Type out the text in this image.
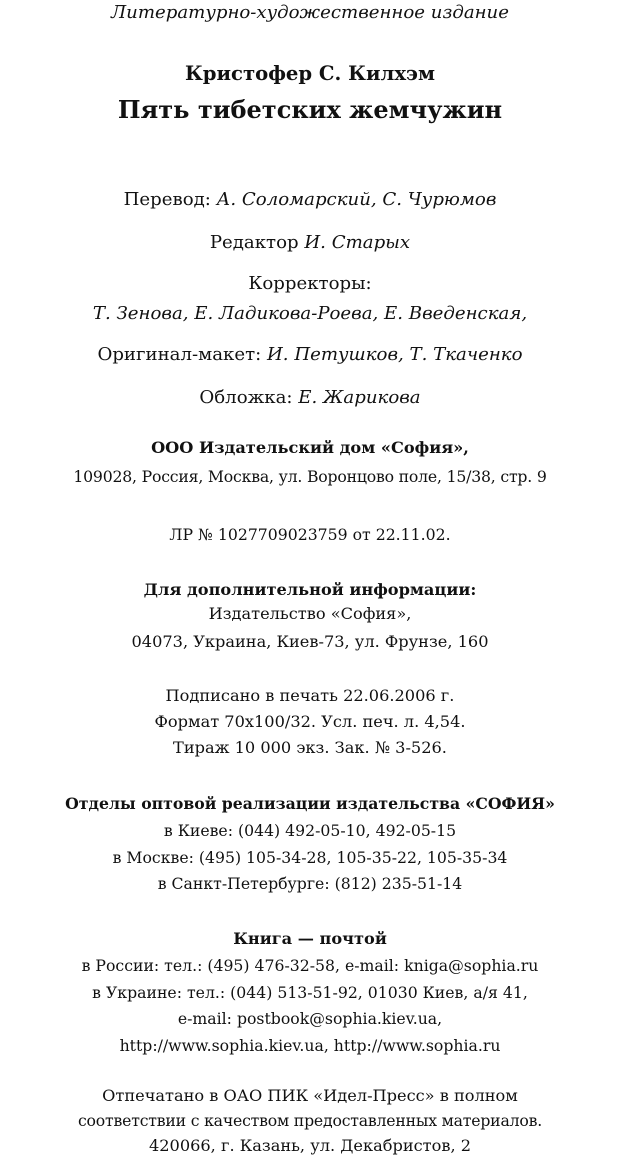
Литературно-художественное издание
Кристофер С. Килхэм
Пять тибетских жемчужин
Перевод: А. Соломарский, С. Чурюмов
Редактор И. Старых
Корректоры:
Т. Зенова, Е. Ладикова-Роева, Е. Введенская,
Оригинал-макет: И. Петушков, Т. Ткаченко
Обложка: Е. Жарикова
ООО Издательский дом «София»,
109028, Россия, Москва, ул. Воронцово поле, 15/38, стр. 9
ЛР № 1027709023759 от 22.11.02.
Для дополнительной информации:
Издательство «София»,
04073, Украина, Киев-73, ул. Фрунзе, 160
Подписано в печать 22.06.2006 г.
Формат 70х100/32. Усл. печ. л. 4,54.
Тираж 10 000 экз. Зак. № 3-526.
Отделы оптовой реализации издательства «СОФИЯ»
в Киеве: (044) 492-05-10, 492-05-15
в Москве: (495) 105-34-28, 105-35-22, 105-35-34
в Санкт-Петербурге: (812) 235-51-14
Книга — почтой
в России: тел.: (495) 476-32-58, e-mail: kniga@sophia.ru
в Украине: тел.: (044) 513-51-92, 01030 Киев, а/я 41,
e-mail: postbook@sophia.kiev.ua,
http://www.sophia.kiev.ua, http://www.sophia.ru
Отпечатано в ОАО ПИК «Идел-Пресс» в полном
соответствии с качеством предоставленных материалов.
420066, г. Казань, ул. Декабристов, 2
